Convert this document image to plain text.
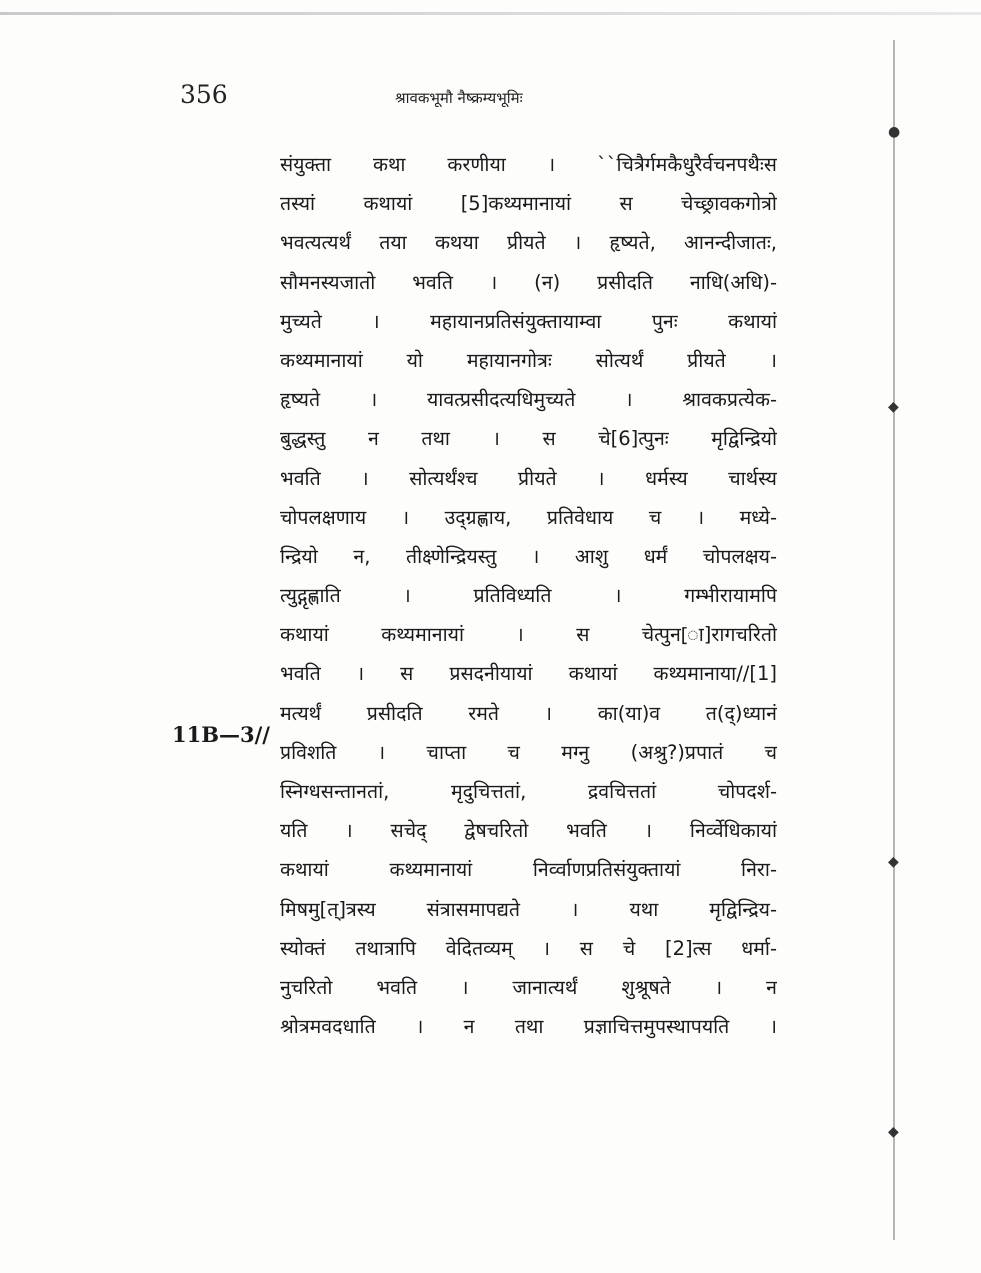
●
◆
◆
◆
356	श्रावकभूमौ नैष्क्रम्यभूमिः
11B—3//
संयुक्ता कथा करणीया । ``चित्रैर्गमकैधुरैर्वचनपथैःस
तस्यां कथायां [5]कथ्यमानायां स चेच्छ्रावकगोत्रो
भवत्यत्यर्थं तया कथया प्रीयते । हृष्यते, आनन्दीजातः,
सौमनस्यजातो भवति । (न) प्रसीदति नाधि(अधि)-
मुच्यते । महायानप्रतिसंयुक्तायाम्वा पुनः कथायां
कथ्यमानायां यो महायानगोत्रः सोत्यर्थं प्रीयते ।
हृष्यते । यावत्प्रसीदत्यधिमुच्यते । श्रावकप्रत्येक-
बुद्धस्तु न तथा । स चे[6]त्पुनः मृद्विन्द्रियो
भवति । सोत्यर्थंश्च प्रीयते । धर्मस्य चार्थस्य
चोपलक्षणाय । उद्ग्रह्णाय, प्रतिवेधाय च । मध्ये-
न्द्रियो न, तीक्ष्णेन्द्रियस्तु । आशु धर्मं चोपलक्षय-
त्युद्गृह्णाति । प्रतिविध्यति । गम्भीरायामपि
कथायां कथ्यमानायां । स चेत्पुन[ा]रागचरितो
भवति । स प्रसदनीयायां कथायां कथ्यमानाया//[1]
मत्यर्थं प्रसीदति रमते । का(या)व त(द्)ध्यानं
प्रविशति । चाप्ता च मग्नु (अश्रु?)प्रपातं च
स्निग्धसन्तानतां, मृदुचित्ततां, द्रवचित्ततां चोपदर्श-
यति । सचेद् द्वेषचरितो भवति । निर्व्वेधिकायां
कथायां कथ्यमानायां निर्व्वाणप्रतिसंयुक्तायां निरा-
मिषमु[त्]त्रस्य संत्रासमापद्यते । यथा मृद्विन्द्रिय-
स्योक्तं तथात्रापि वेदितव्यम् । स चे [2]त्स धर्मा-
नुचरितो भवति । जानात्यर्थं शुश्रूषते । न
श्रोत्रमवदधाति । न तथा प्रज्ञाचित्तमुपस्थापयति ।
